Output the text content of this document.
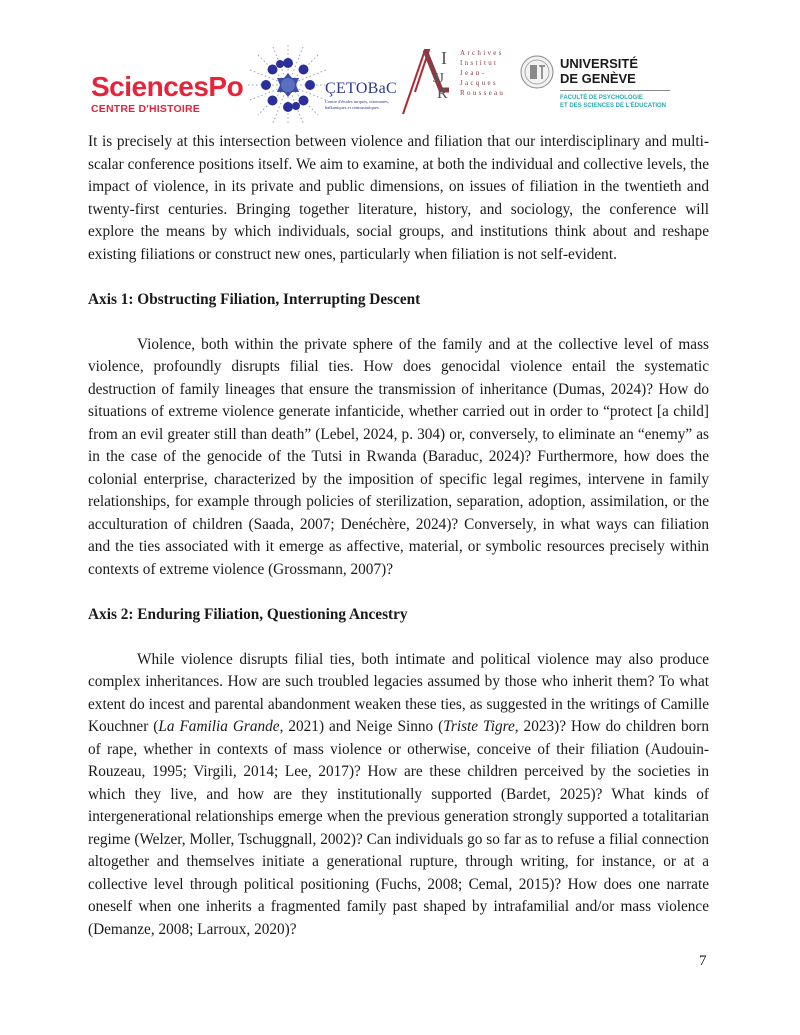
SciencesPo
CENTRE D'HISTOIRE
ÇETOBaC
Centre d'études turques, ottomanes, balkaniques et centrasiatiques
I
JJ
R
Archives
Institut
Jean-Jacques
Rousseau
UNIVERSITÉ
DE GENÈVE
FACULTÉ DE PSYCHOLOGIE
ET DES SCIENCES DE L'ÉDUCATION

It is precisely at this intersection between violence and filiation that our interdisciplinary and multi-scalar conference positions itself. We aim to examine, at both the individual and collective levels, the impact of violence, in its private and public dimensions, on issues of filiation in the twentieth and twenty-first centuries. Bringing together literature, history, and sociology, the conference will explore the means by which individuals, social groups, and institutions think about and reshape existing filiations or construct new ones, particularly when filiation is not self-evident.

Axis 1: Obstructing Filiation, Interrupting Descent

Violence, both within the private sphere of the family and at the collective level of mass violence, profoundly disrupts filial ties. How does genocidal violence entail the systematic destruction of family lineages that ensure the transmission of inheritance (Dumas, 2024)? How do situations of extreme violence generate infanticide, whether carried out in order to “protect [a child] from an evil greater still than death” (Lebel, 2024, p. 304) or, conversely, to eliminate an “enemy” as in the case of the genocide of the Tutsi in Rwanda (Baraduc, 2024)? Furthermore, how does the colonial enterprise, characterized by the imposition of specific legal regimes, intervene in family relationships, for example through policies of sterilization, separation, adoption, assimilation, or the acculturation of children (Saada, 2007; Denéchère, 2024)? Conversely, in what ways can filiation and the ties associated with it emerge as affective, material, or symbolic resources precisely within contexts of extreme violence (Grossmann, 2007)?

Axis 2: Enduring Filiation, Questioning Ancestry

While violence disrupts filial ties, both intimate and political violence may also produce complex inheritances. How are such troubled legacies assumed by those who inherit them? To what extent do incest and parental abandonment weaken these ties, as suggested in the writings of Camille Kouchner (La Familia Grande, 2021) and Neige Sinno (Triste Tigre, 2023)? How do children born of rape, whether in contexts of mass violence or otherwise, conceive of their filiation (Audouin-Rouzeau, 1995; Virgili, 2014; Lee, 2017)? How are these children perceived by the societies in which they live, and how are they institutionally supported (Bardet, 2025)? What kinds of intergenerational relationships emerge when the previous generation strongly supported a totalitarian regime (Welzer, Moller, Tschuggnall, 2002)? Can individuals go so far as to refuse a filial connection altogether and themselves initiate a generational rupture, through writing, for instance, or at a collective level through political positioning (Fuchs, 2008; Cemal, 2015)? How does one narrate oneself when one inherits a fragmented family past shaped by intrafamilial and/or mass violence (Demanze, 2008; Larroux, 2020)?

7
